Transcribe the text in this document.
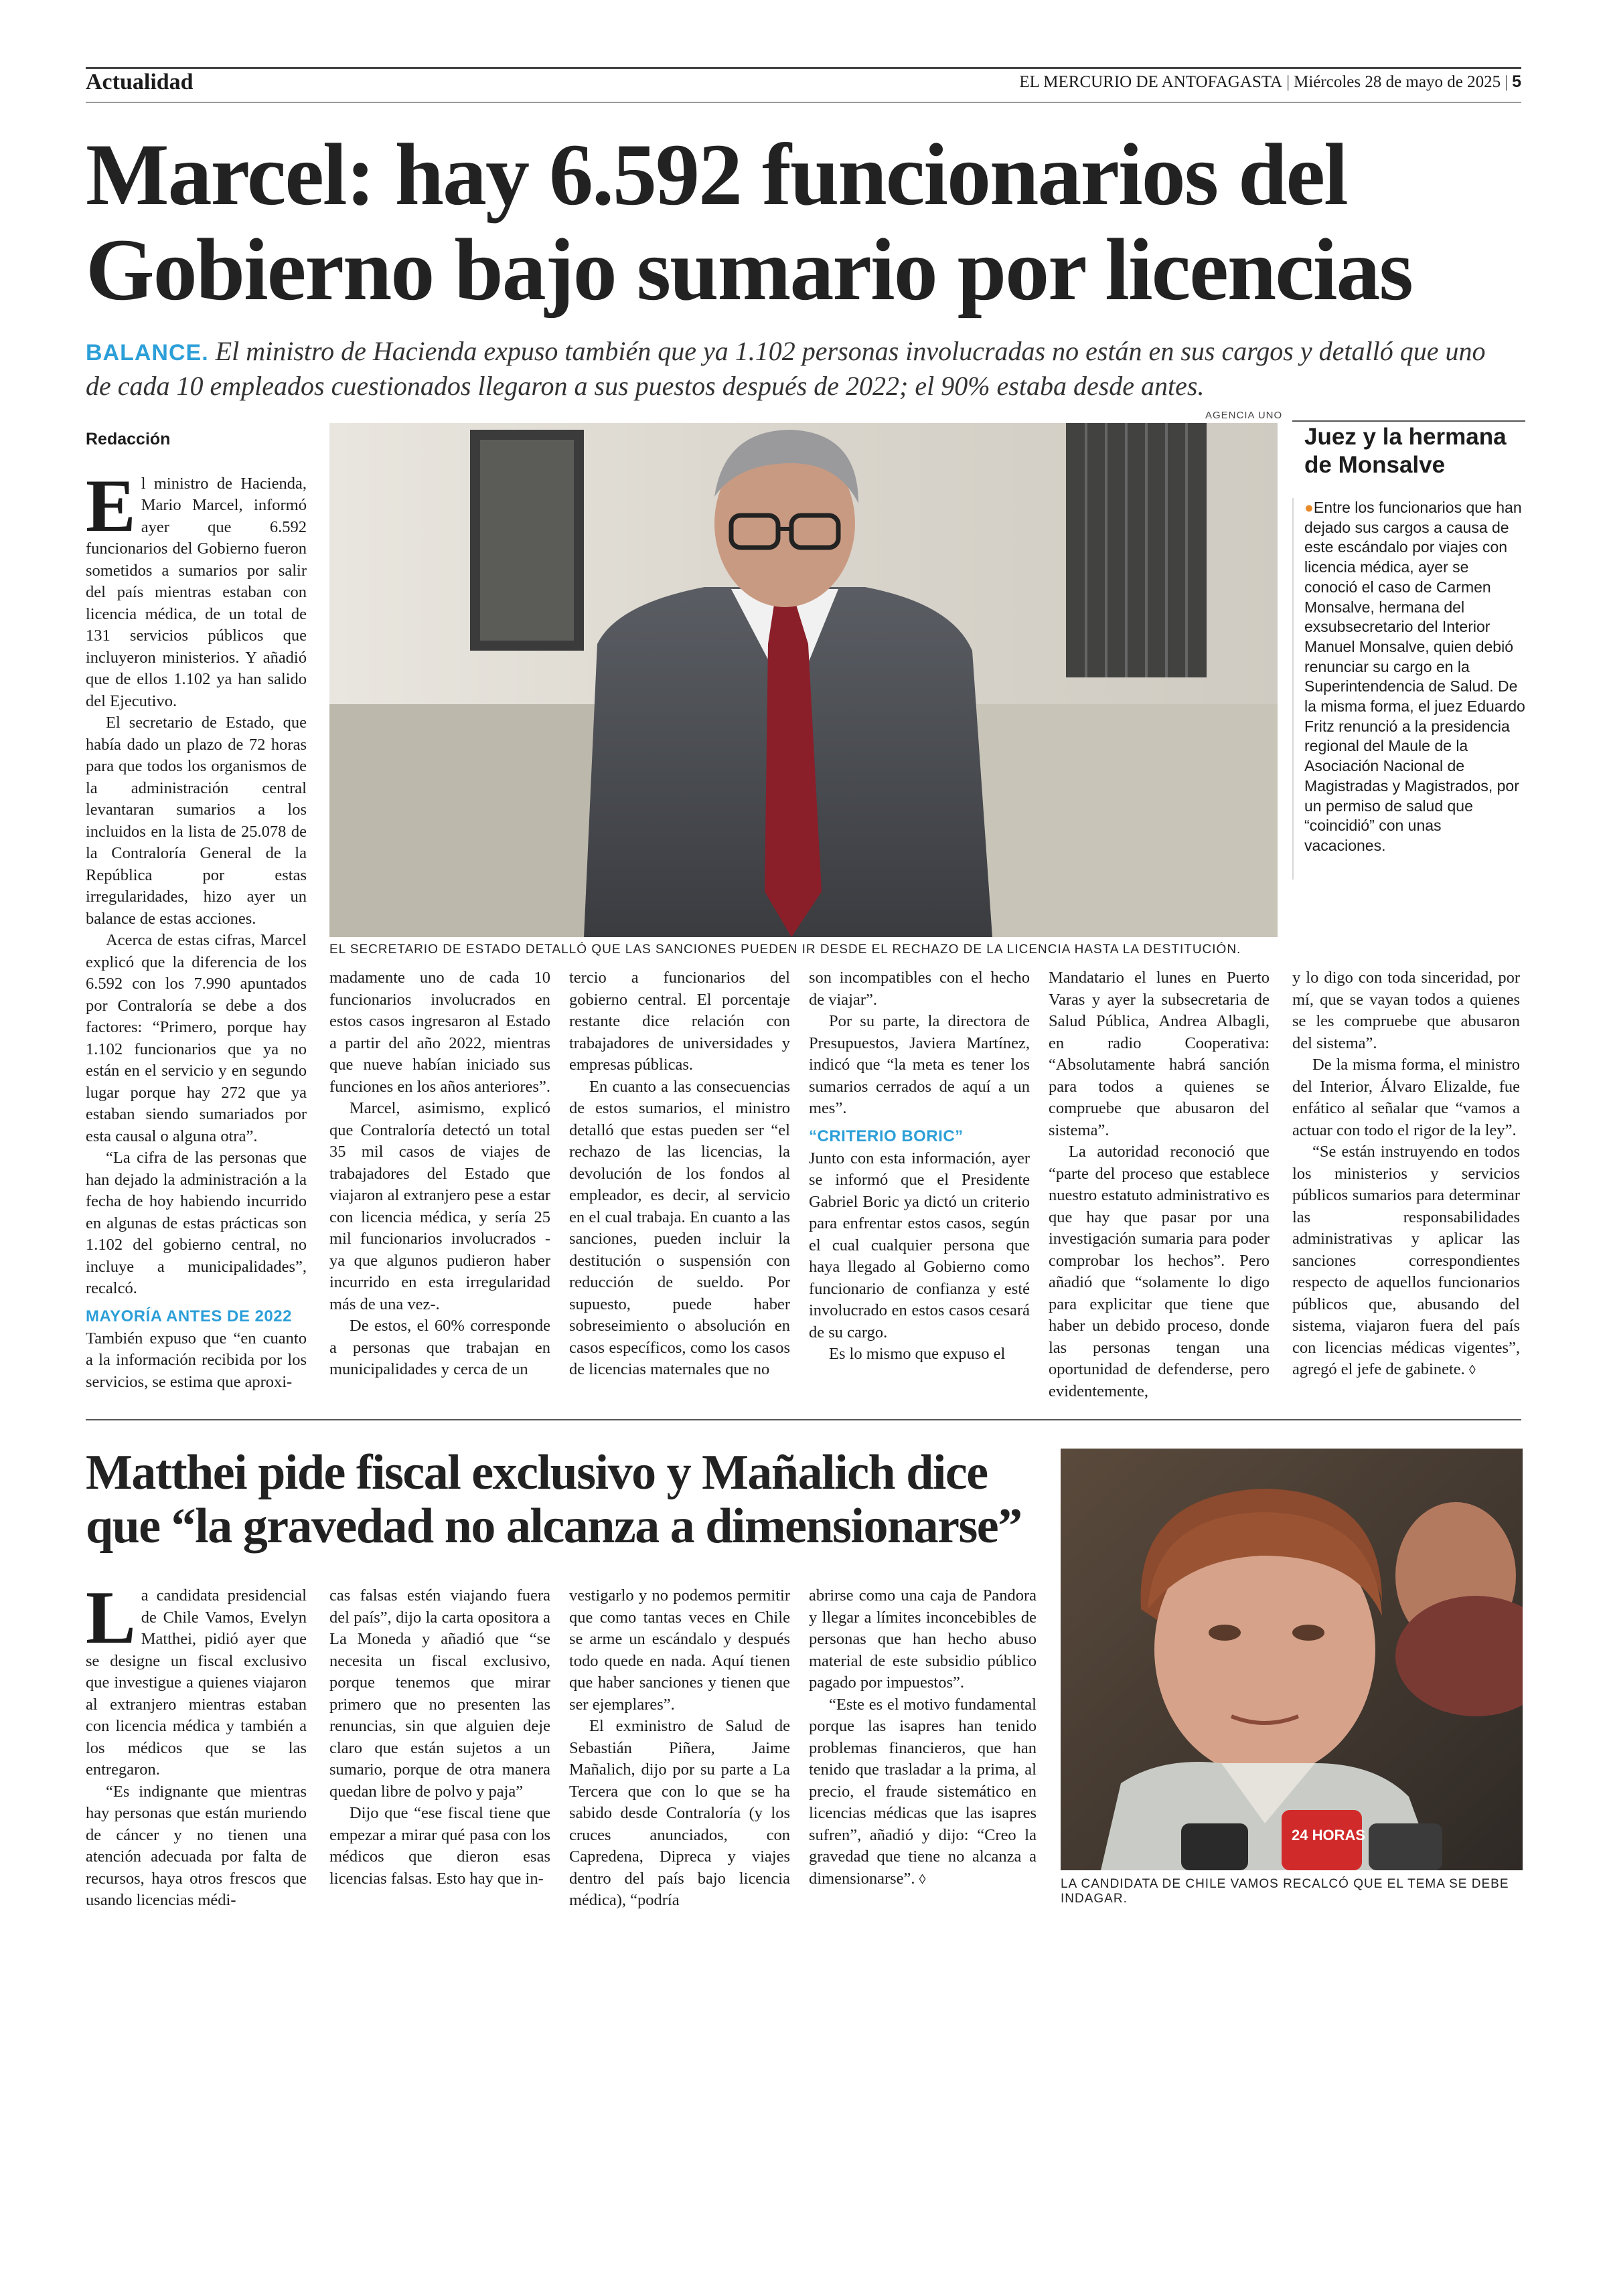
Actualidad	EL MERCURIO DE ANTOFAGASTA | Miércoles 28 de mayo de 2025 | 5
Marcel: hay 6.592 funcionarios del Gobierno bajo sumario por licencias
BALANCE. El ministro de Hacienda expuso también que ya 1.102 personas involucradas no están en sus cargos y detalló que uno de cada 10 empleados cuestionados llegaron a sus puestos después de 2022; el 90% estaba desde antes.

Redacción

El ministro de Hacienda, Mario Marcel, informó ayer que 6.592 funcionarios del Gobierno fueron sometidos a sumarios por salir del país mientras estaban con licencia médica, de un total de 131 servicios públicos que incluyeron ministerios. Y añadió que de ellos 1.102 ya han salido del Ejecutivo.

El secretario de Estado, que había dado un plazo de 72 horas para que todos los organismos de la administración central levantaran sumarios a los incluidos en la lista de 25.078 de la Contraloría General de la República por estas irregularidades, hizo ayer un balance de estas acciones.

Acerca de estas cifras, Marcel explicó que la diferencia de los 6.592 con los 7.990 apuntados por Contraloría se debe a dos factores: “Primero, porque hay 1.102 funcionarios que ya no están en el servicio y en segundo lugar porque hay 272 que ya estaban siendo sumariados por esta causal o alguna otra”.

“La cifra de las personas que han dejado la administración a la fecha de hoy habiendo incurrido en algunas de estas prácticas son 1.102 del gobierno central, no incluye a municipalidades”, recalcó.

MAYORÍA ANTES DE 2022

También expuso que “en cuanto a la información recibida por los servicios, se estima que aproxi-

AGENCIA UNO
EL SECRETARIO DE ESTADO DETALLÓ QUE LAS SANCIONES PUEDEN IR DESDE EL RECHAZO DE LA LICENCIA HASTA LA DESTITUCIÓN.
Juez y la hermana de Monsalve
●Entre los funcionarios que han dejado sus cargos a causa de este escándalo por viajes con licencia médica, ayer se conoció el caso de Carmen Monsalve, hermana del exsubsecretario del Interior Manuel Monsalve, quien debió renunciar su cargo en la Superintendencia de Salud. De la misma forma, el juez Eduardo Fritz renunció a la presidencia regional del Maule de la Asociación Nacional de Magistradas y Magistrados, por un permiso de salud que “coincidió” con unas vacaciones.

madamente uno de cada 10 funcionarios involucrados en estos casos ingresaron al Estado a partir del año 2022, mientras que nueve habían iniciado sus funciones en los años anteriores”.

Marcel, asimismo, explicó que Contraloría detectó un total 35 mil casos de viajes de trabajadores del Estado que viajaron al extranjero pese a estar con licencia médica, y sería 25 mil funcionarios involucrados -ya que algunos pudieron haber incurrido en esta irregularidad más de una vez-.

De estos, el 60% corresponde a personas que trabajan en municipalidades y cerca de un

tercio a funcionarios del gobierno central. El porcentaje restante dice relación con trabajadores de universidades y empresas públicas.

En cuanto a las consecuencias de estos sumarios, el ministro detalló que estas pueden ser “el rechazo de las licencias, la devolución de los fondos al empleador, es decir, al servicio en el cual trabaja. En cuanto a las sanciones, pueden incluir la destitución o suspensión con reducción de sueldo. Por supuesto, puede haber sobreseimiento o absolución en casos específicos, como los casos de licencias maternales que no

son incompatibles con el hecho de viajar”.

Por su parte, la directora de Presupuestos, Javiera Martínez, indicó que “la meta es tener los sumarios cerrados de aquí a un mes”.

“CRITERIO BORIC”

Junto con esta información, ayer se informó que el Presidente Gabriel Boric ya dictó un criterio para enfrentar estos casos, según el cual cualquier persona que haya llegado al Gobierno como funcionario de confianza y esté involucrado en estos casos cesará de su cargo.

Es lo mismo que expuso el

Mandatario el lunes en Puerto Varas y ayer la subsecretaria de Salud Pública, Andrea Albagli, en radio Cooperativa: “Absolutamente habrá sanción para todos a quienes se compruebe que abusaron del sistema”.

La autoridad reconoció que “parte del proceso que establece nuestro estatuto administrativo es que hay que pasar por una investigación sumaria para poder comprobar los hechos”. Pero añadió que “solamente lo digo para explicitar que tiene que haber un debido proceso, donde las personas tengan una oportunidad de defenderse, pero evidentemente,

y lo digo con toda sinceridad, por mí, que se vayan todos a quienes se les compruebe que abusaron del sistema”.

De la misma forma, el ministro del Interior, Álvaro Elizalde, fue enfático al señalar que “vamos a actuar con todo el rigor de la ley”.

“Se están instruyendo en todos los ministerios y servicios públicos sumarios para determinar las responsabilidades administrativas y aplicar las sanciones correspondientes respecto de aquellos funcionarios públicos que, abusando del sistema, viajaron fuera del país con licencias médicas vigentes”, agregó el jefe de gabinete. ◊

Matthei pide fiscal exclusivo y Mañalich dice que “la gravedad no alcanza a dimensionarse”
24 HORAS
LA CANDIDATA DE CHILE VAMOS RECALCÓ QUE EL TEMA SE DEBE INDAGAR.

La candidata presidencial de Chile Vamos, Evelyn Matthei, pidió ayer que se designe un fiscal exclusivo que investigue a quienes viajaron al extranjero mientras estaban con licencia médica y también a los médicos que se las entregaron.

“Es indignante que mientras hay personas que están muriendo de cáncer y no tienen una atención adecuada por falta de recursos, haya otros frescos que usando licencias médi-

cas falsas estén viajando fuera del país”, dijo la carta opositora a La Moneda y añadió que “se necesita un fiscal exclusivo, porque tenemos que mirar primero que no presenten las renuncias, sin que alguien deje claro que están sujetos a un sumario, porque de otra manera quedan libre de polvo y paja”

Dijo que “ese fiscal tiene que empezar a mirar qué pasa con los médicos que dieron esas licencias falsas. Esto hay que in-

vestigarlo y no podemos permitir que como tantas veces en Chile se arme un escándalo y después todo quede en nada. Aquí tienen que haber sanciones y tienen que ser ejemplares”.

El exministro de Salud de Sebastián Piñera, Jaime Mañalich, dijo por su parte a La Tercera que con lo que se ha sabido desde Contraloría (y los cruces anunciados, con Capredena, Dipreca y viajes dentro del país bajo licencia médica), “podría

abrirse como una caja de Pandora y llegar a límites inconcebibles de personas que han hecho abuso material de este subsidio público pagado por impuestos”.

“Este es el motivo fundamental porque las isapres han tenido problemas financieros, que han tenido que trasladar a la prima, al precio, el fraude sistemático en licencias médicas que las isapres sufren”, añadió y dijo: “Creo la gravedad que tiene no alcanza a dimensionarse”. ◊
